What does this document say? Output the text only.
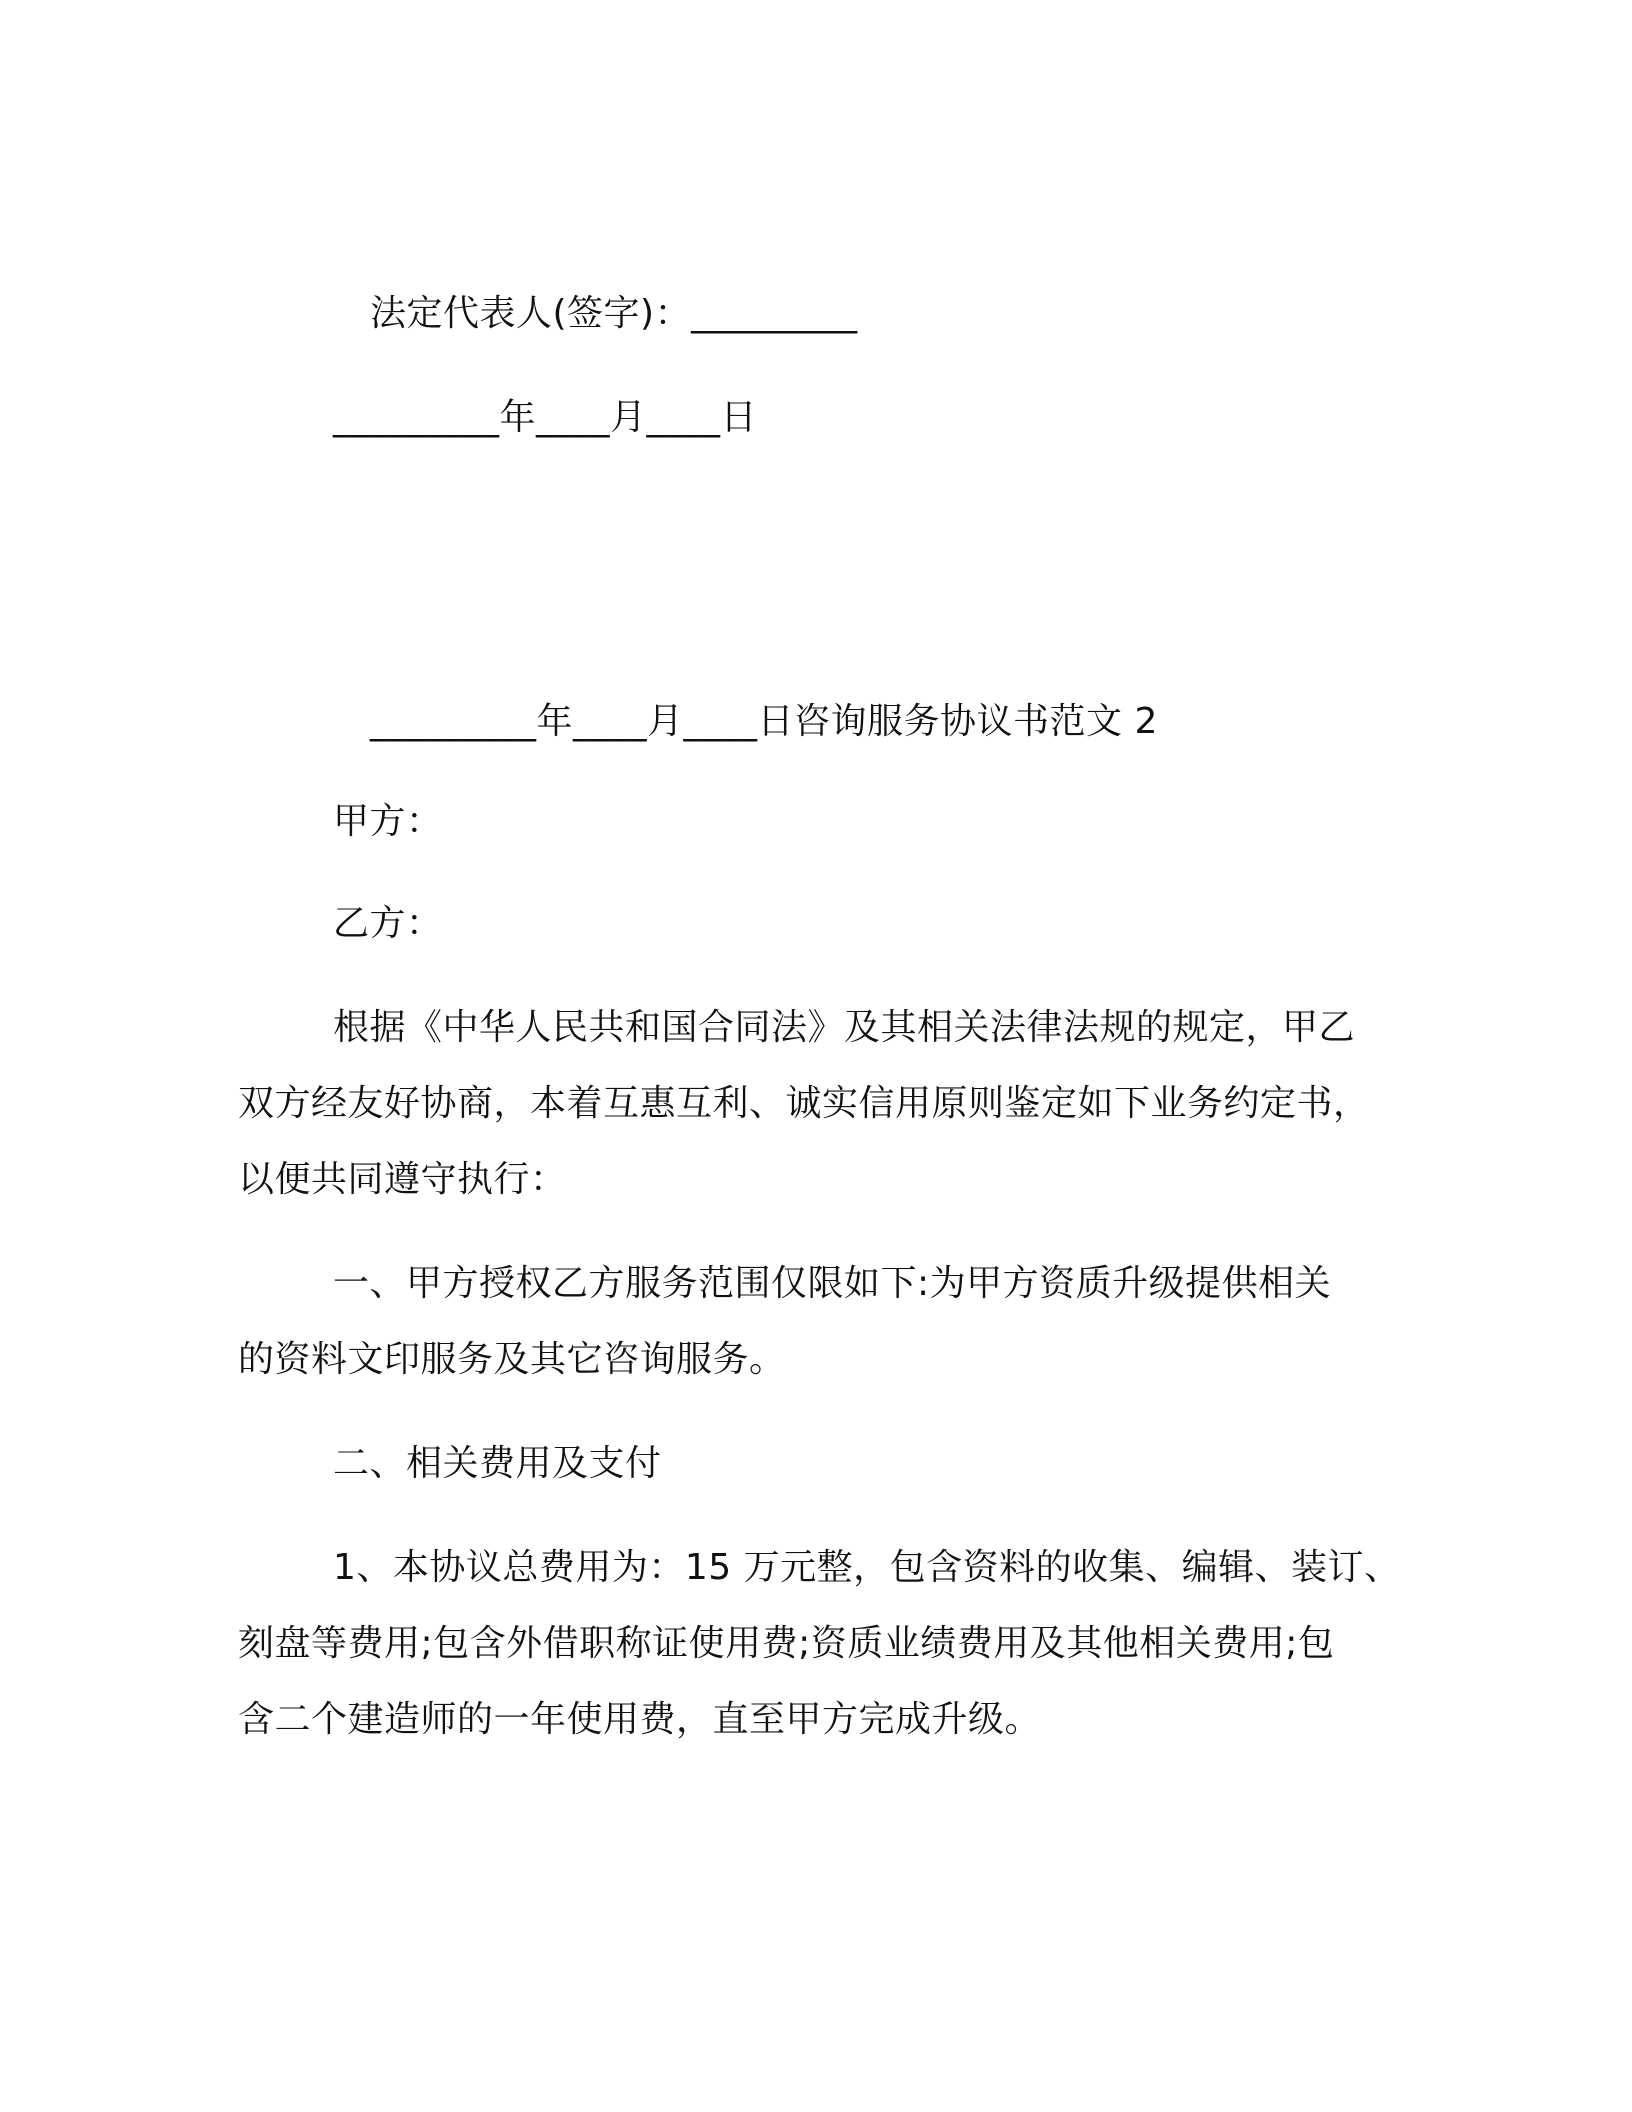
法定代表人(签字)：_________
_________年____月____日
_________年____月____日咨询服务协议书范文 2
甲方：
乙方：
根据《中华人民共和国合同法》及其相关法律法规的规定，甲乙
双方经友好协商，本着互惠互利、诚实信用原则鉴定如下业务约定书，
以便共同遵守执行：
一、甲方授权乙方服务范围仅限如下:为甲方资质升级提供相关
的资料文印服务及其它咨询服务。
二、相关费用及支付
1、本协议总费用为：15 万元整，包含资料的收集、编辑、装订、
刻盘等费用;包含外借职称证使用费;资质业绩费用及其他相关费用;包
含二个建造师的一年使用费，直至甲方完成升级。
